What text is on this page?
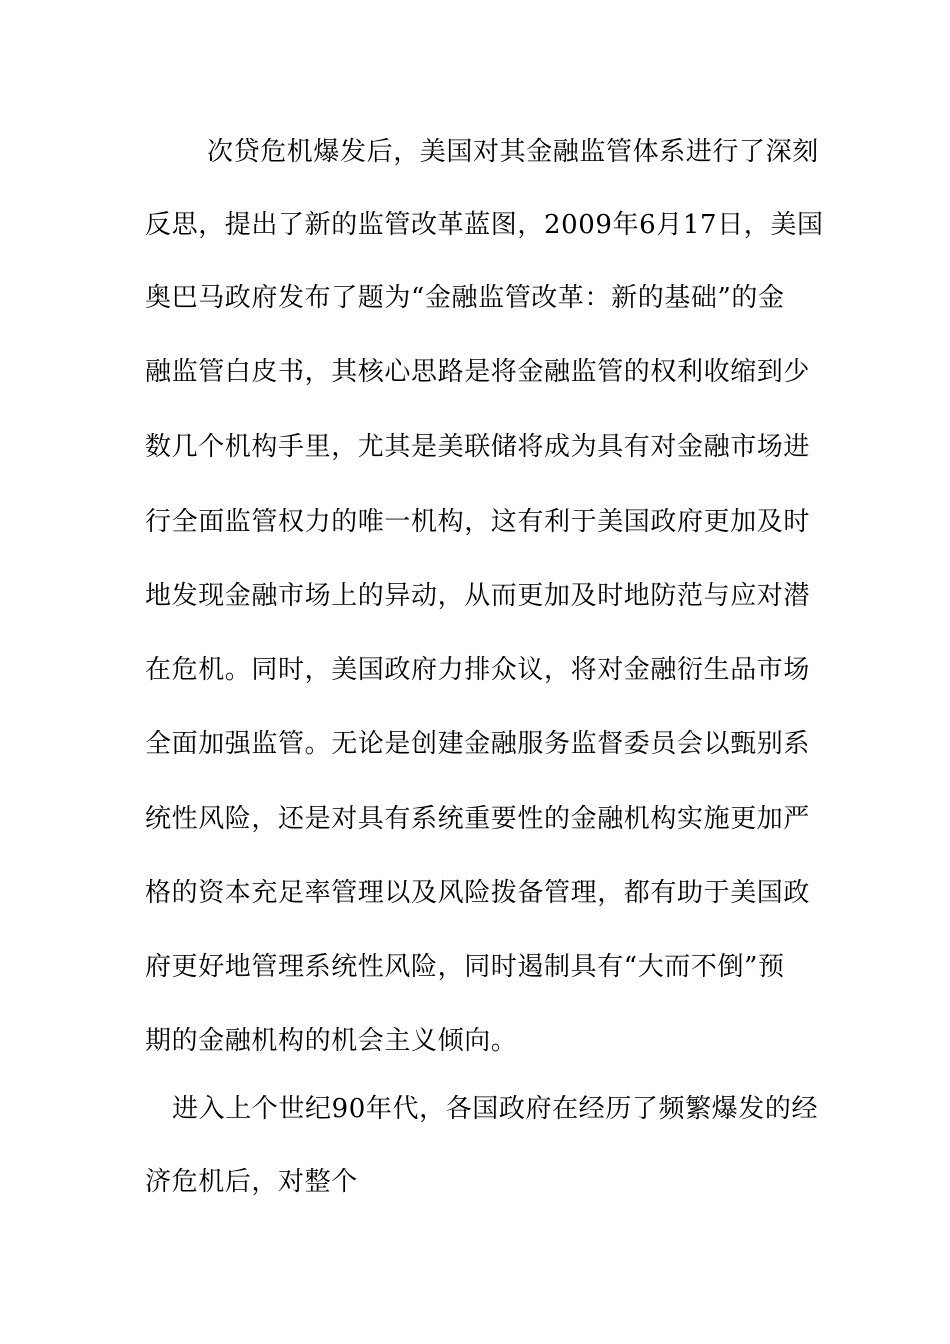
次贷危机爆发后，美国对其金融监管体系进行了深刻
反思，提出了新的监管改革蓝图，2009年6月17日，美国
奥巴马政府发布了题为“金融监管改革：新的基础”的金
融监管白皮书，其核心思路是将金融监管的权利收缩到少
数几个机构手里，尤其是美联储将成为具有对金融市场进
行全面监管权力的唯一机构，这有利于美国政府更加及时
地发现金融市场上的异动，从而更加及时地防范与应对潜
在危机。同时，美国政府力排众议，将对金融衍生品市场
全面加强监管。无论是创建金融服务监督委员会以甄别系
统性风险，还是对具有系统重要性的金融机构实施更加严
格的资本充足率管理以及风险拨备管理，都有助于美国政
府更好地管理系统性风险，同时遏制具有“大而不倒”预
期的金融机构的机会主义倾向。
进入上个世纪90年代，各国政府在经历了频繁爆发的经
济危机后，对整个
